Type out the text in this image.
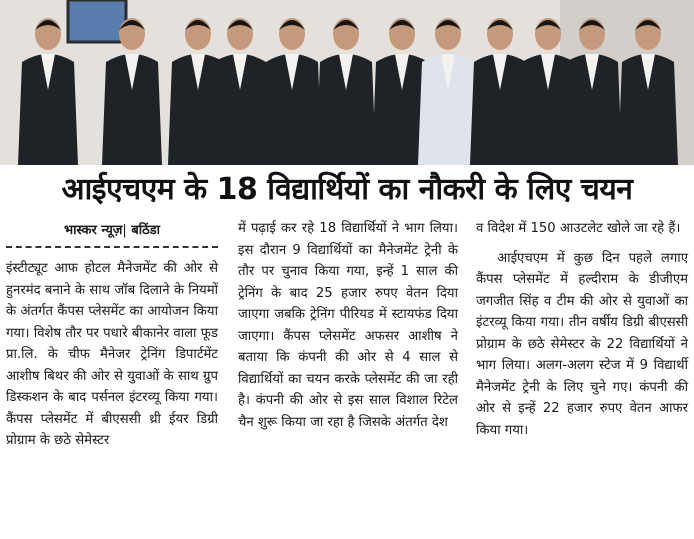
आईएचएम के 18 विद्यार्थियों का नौकरी के लिए चयन
भास्कर न्यूज़| बठिंडा

इंस्टीट्यूट आफ होटल मैनेजमेंट की ओर से हुनरमंद बनाने के साथ जॉब दिलाने के नियमों के अंतर्गत कैंपस प्लेसमेंट का आयोजन किया गया। विशेष तौर पर पधारे बीकानेर वाला फूड प्रा.लि. के चीफ मैनेजर ट्रेनिंग डिपार्टमेंट आशीष बिथर की ओर से युवाओं के साथ ग्रुप डिस्कशन के बाद पर्सनल इंटरव्यू किया गया। कैंपस प्लेसमेंट में बीएससी थ्री ईयर डिग्री प्रोग्राम के छठे सेमेस्टर

में पढ़ाई कर रहे 18 विद्यार्थियों ने भाग लिया। इस दौरान 9 विद्यार्थियों का मैनेजमेंट ट्रेनी के तौर पर चुनाव किया गया, इन्हें 1 साल की ट्रेनिंग के बाद 25 हजार रुपए वेतन दिया जाएगा जबकि ट्रेनिंग पीरियड में स्टायफंड दिया जाएगा। कैंपस प्लेसमेंट अफसर आशीष ने बताया कि कंपनी की ओर से 4 साल से विद्यार्थियों का चयन करके प्लेसमेंट की जा रही है। कंपनी की ओर से इस साल विशाल रिटेल चैन शुरू किया जा रहा है जिसके अंतर्गत देश

व विदेश में 150 आउटलेट खोले जा रहे हैं।

आईएचएम में कुछ दिन पहले लगाए कैंपस प्लेसमेंट में हल्दीराम के डीजीएम जगजीत सिंह व टीम की ओर से युवाओं का इंटरव्यू किया गया। तीन वर्षीय डिग्री बीएससी प्रोग्राम के छठे सेमेस्टर के 22 विद्यार्थियों ने भाग लिया। अलग-अलग स्टेज में 9 विद्यार्थी मैनेजमेंट ट्रेनी के लिए चुने गए। कंपनी की ओर से इन्हें 22 हजार रुपए वेतन आफर किया गया।
